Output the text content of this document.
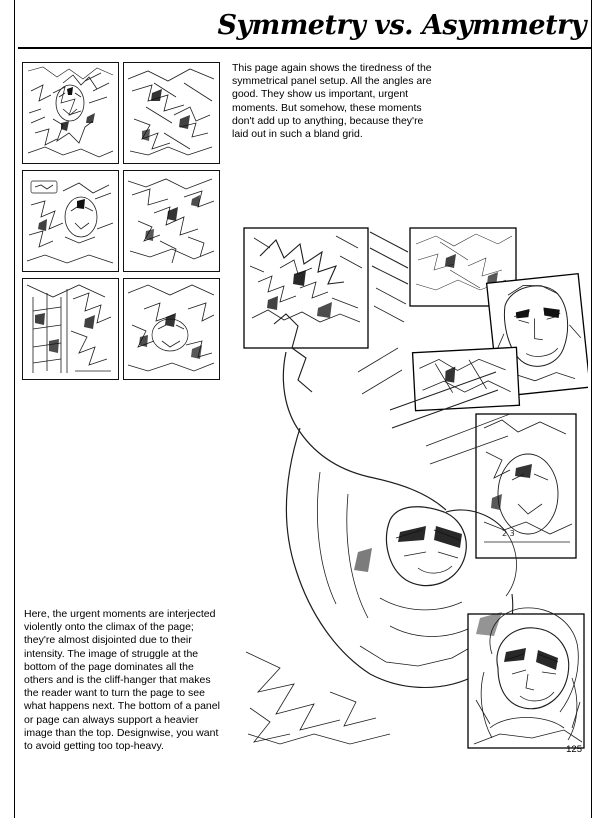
Symmetry vs. Asymmetry
This page again shows the tiredness of the symmetrical panel setup. All the angles are good. They show us important, urgent moments. But somehow, these moments don't add up to anything, because they're laid out in such a bland grid.
Here, the urgent moments are interjected violently onto the climax of the page; they're almost disjointed due to their intensity. The image of struggle at the bottom of the page dominates all the others and is the cliff-hanger that makes the reader want to turn the page to see what happens next. The bottom of a panel or page can always support a heavier image than the top. Designwise, you want to avoid getting too top-heavy.
2 3
125
